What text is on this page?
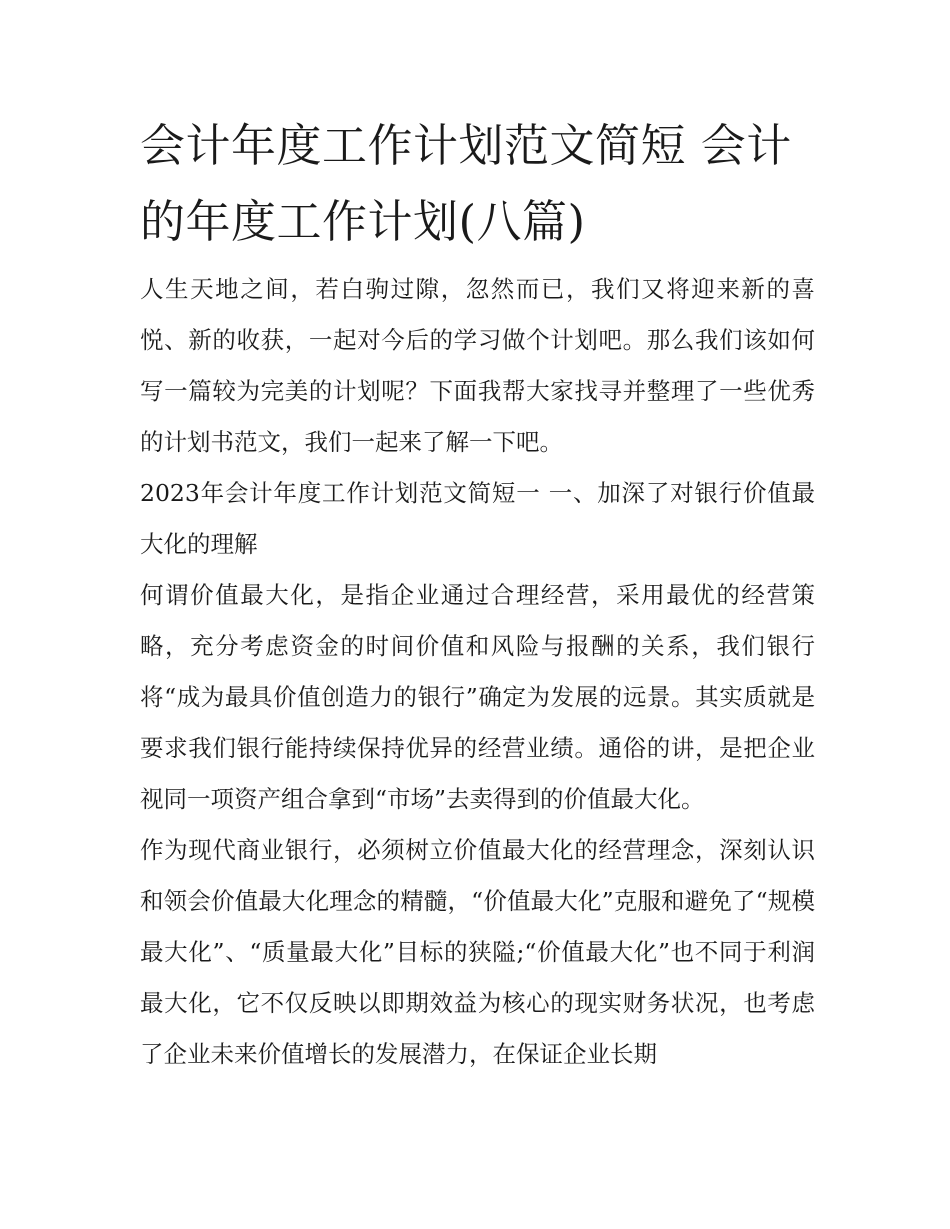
会计年度工作计划范文简短 会计的年度工作计划(八篇)

人生天地之间，若白驹过隙，忽然而已，我们又将迎来新的喜悦、新的收获，一起对今后的学习做个计划吧。那么我们该如何写一篇较为完美的计划呢？下面我帮大家找寻并整理了一些优秀的计划书范文，我们一起来了解一下吧。

2023年会计年度工作计划范文简短一 一、加深了对银行价值最大化的理解

何谓价值最大化，是指企业通过合理经营，采用最优的经营策略，充分考虑资金的时间价值和风险与报酬的关系，我们银行将“成为最具价值创造力的银行”确定为发展的远景。其实质就是要求我们银行能持续保持优异的经营业绩。通俗的讲，是把企业视同一项资产组合拿到“市场”去卖得到的价值最大化。

作为现代商业银行，必须树立价值最大化的经营理念，深刻认识和领会价值最大化理念的精髓，“价值最大化”克服和避免了“规模最大化”、“质量最大化”目标的狭隘;“价值最大化”也不同于利润最大化，它不仅反映以即期效益为核心的现实财务状况，也考虑了企业未来价值增长的发展潜力，在保证企业长期
